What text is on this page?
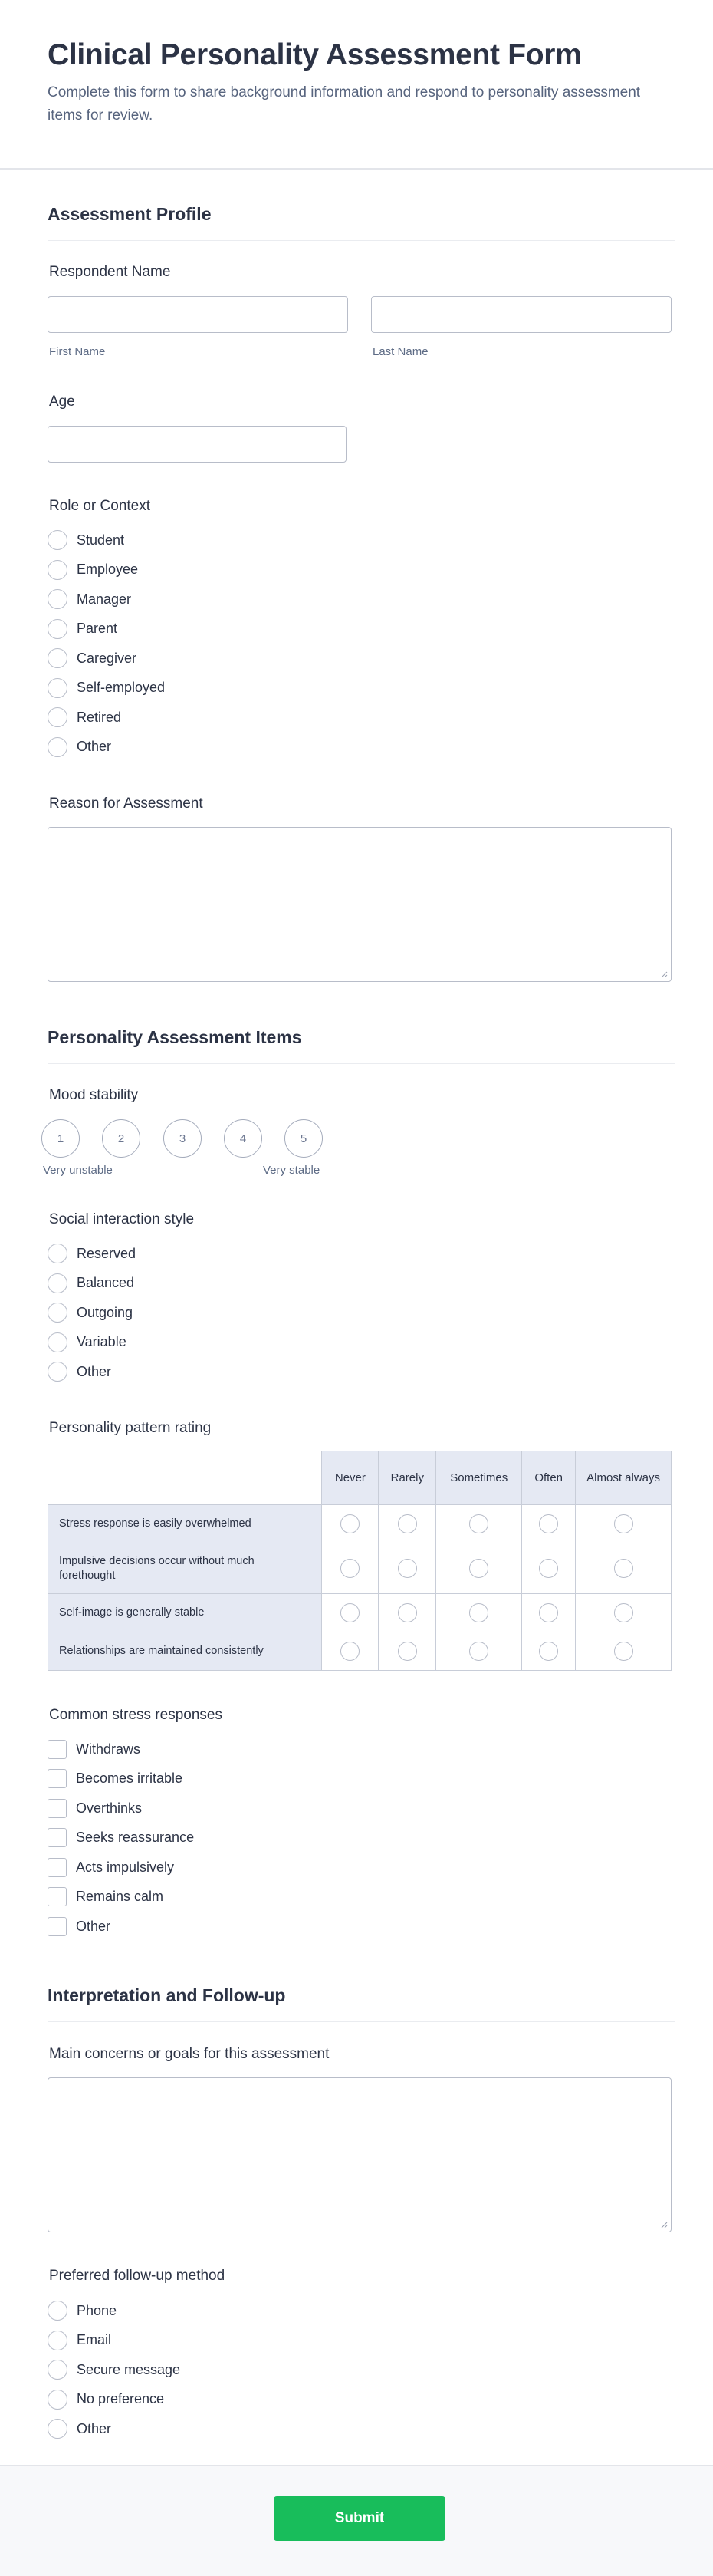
Clinical Personality Assessment Form
Complete this form to share background information and respond to personality assessment items for review.
Assessment Profile
Respondent Name
First Name	Last Name
Age
Role or Context
Student
Employee
Manager
Parent
Caregiver
Self-employed
Retired
Other
Reason for Assessment
Personality Assessment Items
Mood stability
1	2	3	4	5
Very unstable	Very stable
Social interaction style
Reserved
Balanced
Outgoing
Variable
Other
Personality pattern rating
	Never	Rarely	Sometimes	Often	Almost always
Stress response is easily overwhelmed					
Impulsive decisions occur without much forethought					
Self-image is generally stable					
Relationships are maintained consistently					
Common stress responses
Withdraws
Becomes irritable
Overthinks
Seeks reassurance
Acts impulsively
Remains calm
Other
Interpretation and Follow-up
Main concerns or goals for this assessment
Preferred follow-up method
Phone
Email
Secure message
No preference
Other
Submit
